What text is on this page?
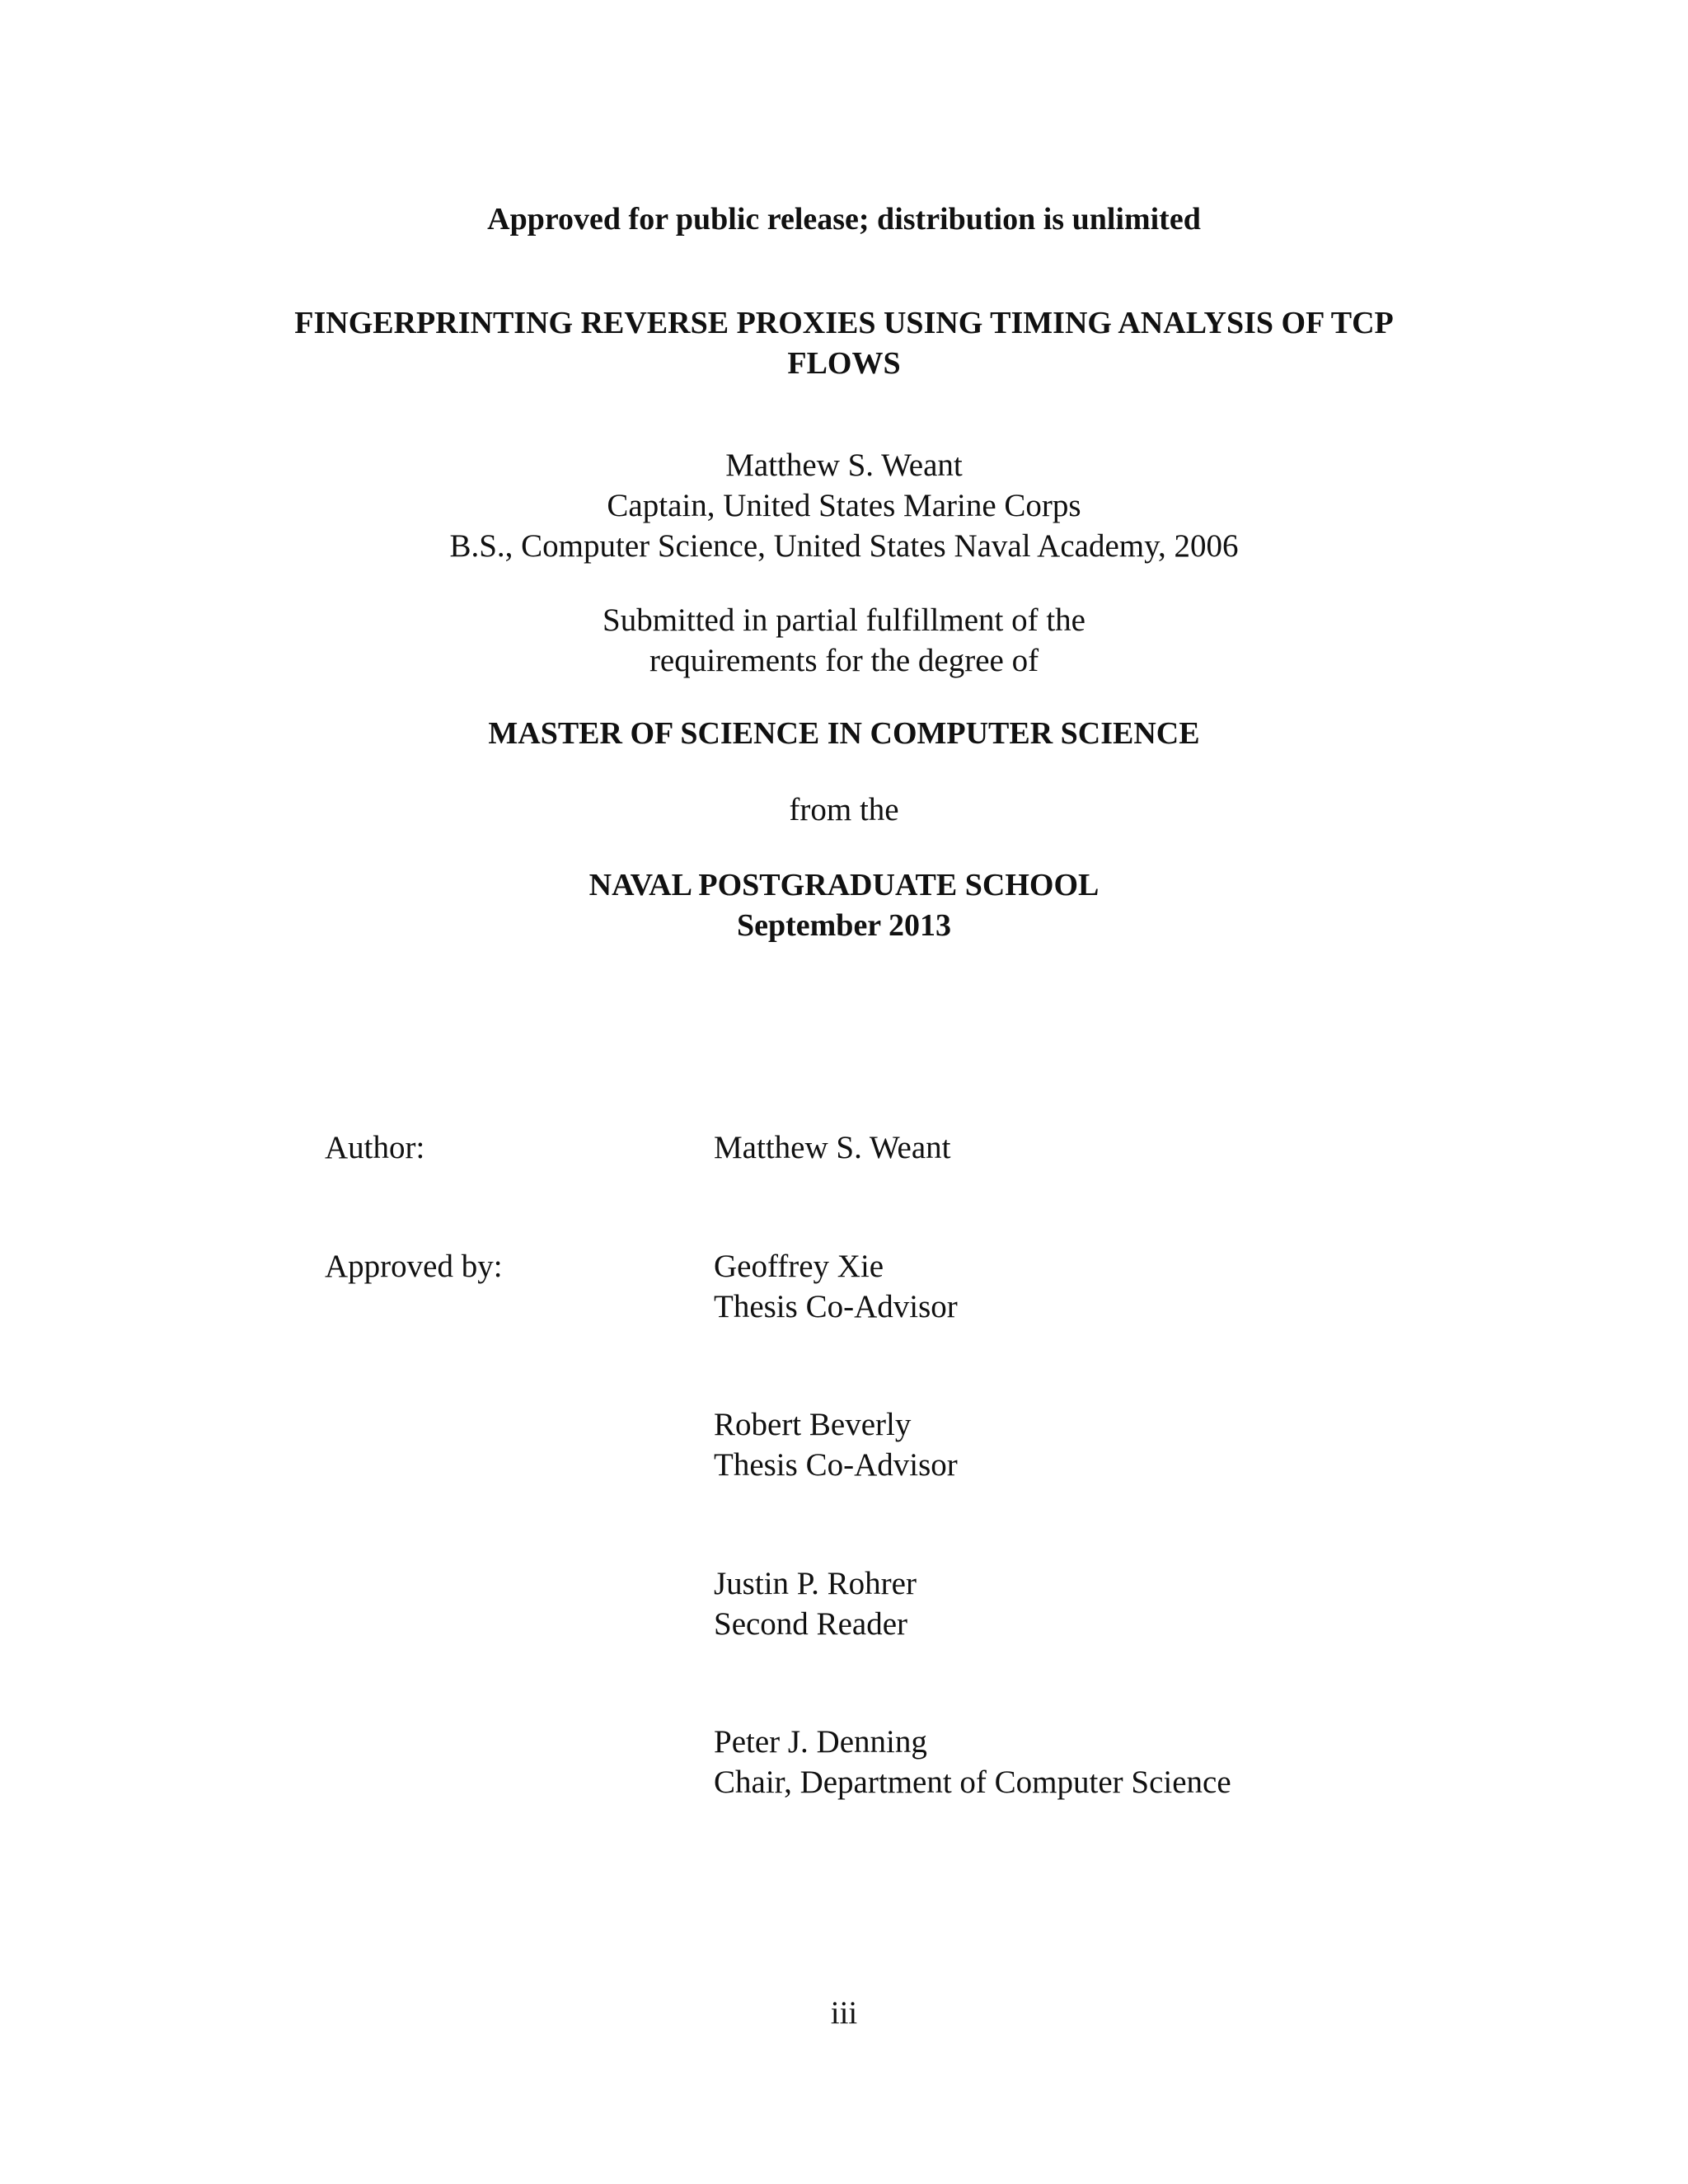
Approved for public release; distribution is unlimited
FINGERPRINTING REVERSE PROXIES USING TIMING ANALYSIS OF TCP
FLOWS
Matthew S. Weant
Captain, United States Marine Corps
B.S., Computer Science, United States Naval Academy, 2006
Submitted in partial fulfillment of the
requirements for the degree of
MASTER OF SCIENCE IN COMPUTER SCIENCE
from the
NAVAL POSTGRADUATE SCHOOL
September 2013
Author:	Matthew S. Weant
Approved by:	Geoffrey Xie
Thesis Co-Advisor
Robert Beverly
Thesis Co-Advisor
Justin P. Rohrer
Second Reader
Peter J. Denning
Chair, Department of Computer Science
iii
